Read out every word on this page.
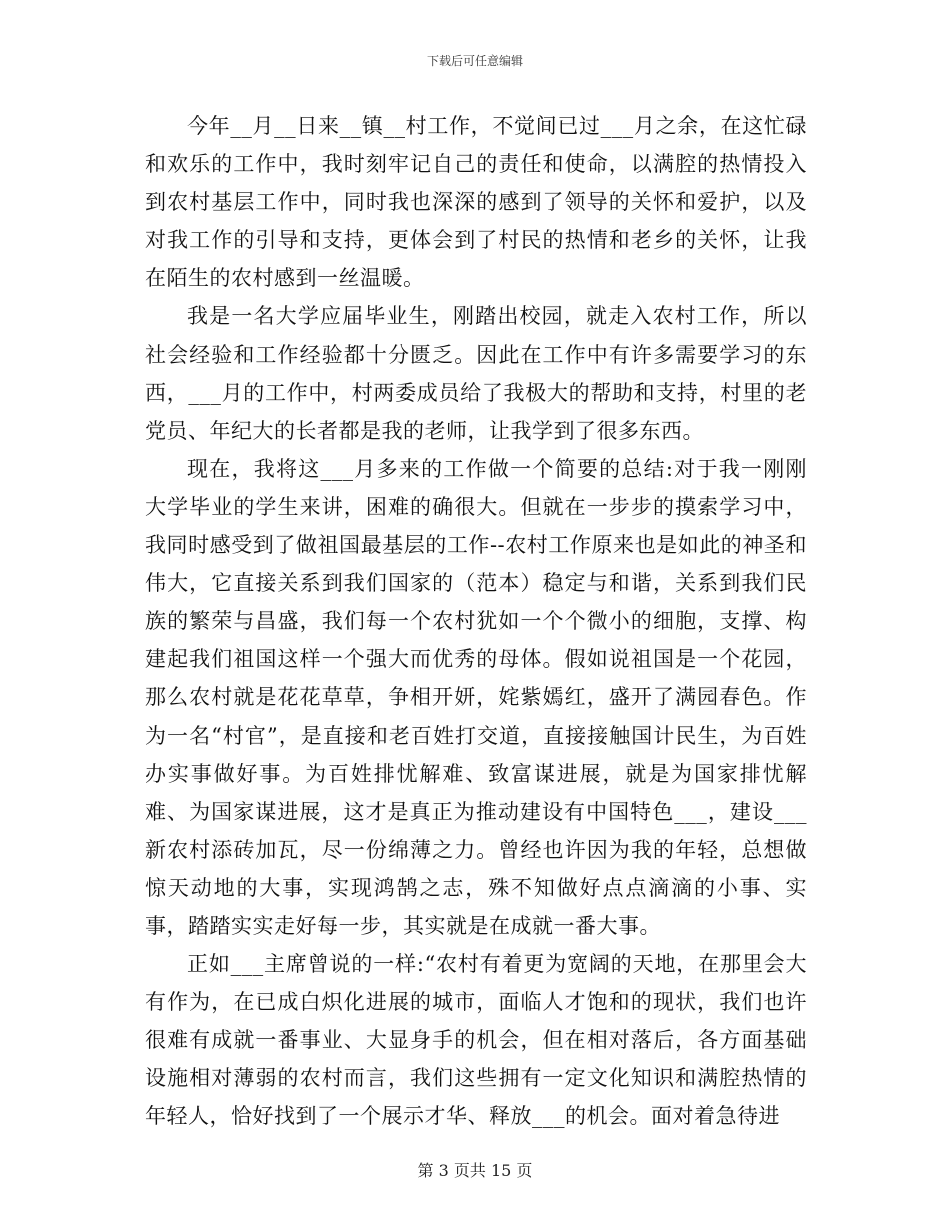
下载后可任意编辑

今年__月__日来__镇__村工作，不觉间已过___月之余，在这忙碌和欢乐的工作中，我时刻牢记自己的责任和使命，以满腔的热情投入到农村基层工作中，同时我也深深的感到了领导的关怀和爱护，以及对我工作的引导和支持，更体会到了村民的热情和老乡的关怀，让我在陌生的农村感到一丝温暖。

我是一名大学应届毕业生，刚踏出校园，就走入农村工作，所以社会经验和工作经验都十分匮乏。因此在工作中有许多需要学习的东西，___月的工作中，村两委成员给了我极大的帮助和支持，村里的老党员、年纪大的长者都是我的老师，让我学到了很多东西。

现在，我将这___月多来的工作做一个简要的总结:对于我一刚刚大学毕业的学生来讲，困难的确很大。但就在一步步的摸索学习中，我同时感受到了做祖国最基层的工作--农村工作原来也是如此的神圣和伟大，它直接关系到我们国家的（范本）稳定与和谐，关系到我们民族的繁荣与昌盛，我们每一个农村犹如一个个微小的细胞，支撑、构建起我们祖国这样一个强大而优秀的母体。假如说祖国是一个花园，那么农村就是花花草草，争相开妍，姹紫嫣红，盛开了满园春色。作为一名“村官”，是直接和老百姓打交道，直接接触国计民生，为百姓办实事做好事。为百姓排忧解难、致富谋进展，就是为国家排忧解难、为国家谋进展，这才是真正为推动建设有中国特色___，建设___新农村添砖加瓦，尽一份绵薄之力。曾经也许因为我的年轻，总想做惊天动地的大事，实现鸿鹄之志，殊不知做好点点滴滴的小事、实事，踏踏实实走好每一步，其实就是在成就一番大事。

正如___主席曾说的一样:“农村有着更为宽阔的天地，在那里会大有作为，在已成白炽化进展的城市，面临人才饱和的现状，我们也许很难有成就一番事业、大显身手的机会，但在相对落后，各方面基础设施相对薄弱的农村而言，我们这些拥有一定文化知识和满腔热情的年轻人，恰好找到了一个展示才华、释放___的机会。面对着急待进

第 3 页共 15 页
